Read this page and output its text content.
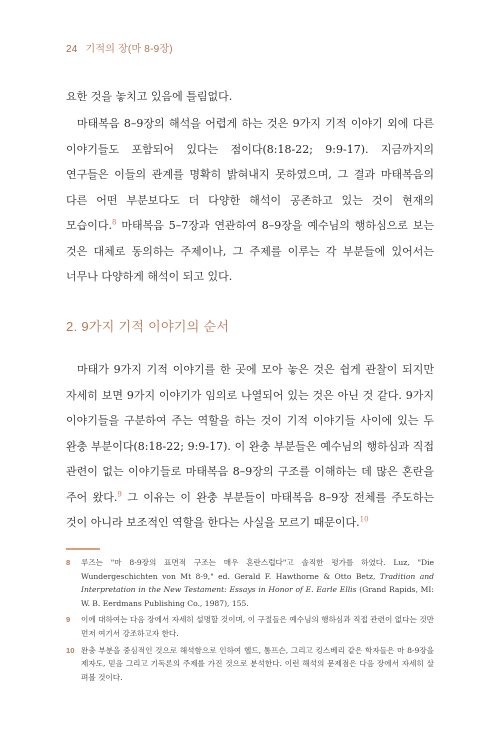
24 기적의 장(마 8-9장)

요한 것을 놓치고 있음에 틀림없다.

마태복음 8–9장의 해석을 어렵게 하는 것은 9가지 기적 이야기 외에 다른 이야기들도 포함되어 있다는 점이다(8:18-22; 9:9-17). 지금까지의 연구들은 이들의 관계를 명확히 밝혀내지 못하였으며, 그 결과 마태복음의 다른 어떤 부분보다도 더 다양한 해석이 공존하고 있는 것이 현재의 모습이다.$^8$ 마태복음 5–7장과 연관하여 8–9장을 예수님의 행하심으로 보는 것은 대체로 동의하는 주제이나, 그 주제를 이루는 각 부분들에 있어서는 너무나 다양하게 해석이 되고 있다.

2. 9가지 기적 이야기의 순서

마태가 9가지 기적 이야기를 한 곳에 모아 놓은 것은 쉽게 관찰이 되지만 자세히 보면 9가지 이야기가 임의로 나열되어 있는 것은 아닌 것 같다. 9가지 이야기들을 구분하여 주는 역할을 하는 것이 기적 이야기들 사이에 있는 두 완충 부분이다(8:18-22; 9:9-17). 이 완충 부분들은 예수님의 행하심과 직접 관련이 없는 이야기들로 마태복음 8–9장의 구조를 이해하는 데 많은 혼란을 주어 왔다.$^9$ 그 이유는 이 완충 부분들이 마태복음 8–9장 전체를 주도하는 것이 아니라 보조적인 역할을 한다는 사실을 모르기 때문이다.$^{10}$

8 루즈는 "마 8-9장의 표면적 구조는 매우 혼란스럽다"고 솔직한 평가를 하였다. Luz, "Die Wundergeschichten von Mt 8-9," ed. Gerald F. Hawthorne & Otto Betz, Tradition and Interpretation in the New Testament: Essays in Honor of E. Earle Ellis (Grand Rapids, MI: W. B. Eerdmans Publishing Co., 1987), 155.

9 이에 대하여는 다음 장에서 자세히 설명할 것이며, 이 구절들은 예수님의 행하심과 직접 관련이 없다는 것만 먼저 여기서 강조하고자 한다.

10 완충 부분을 중심적인 것으로 해석함으로 인하여 헬드, 톰프슨, 그리고 킹스베리 같은 학자들은 마 8-9장을 제자도, 믿음 그리고 기독론의 주제를 가진 것으로 분석한다. 이런 해석의 문제점은 다음 장에서 자세히 살펴볼 것이다.
